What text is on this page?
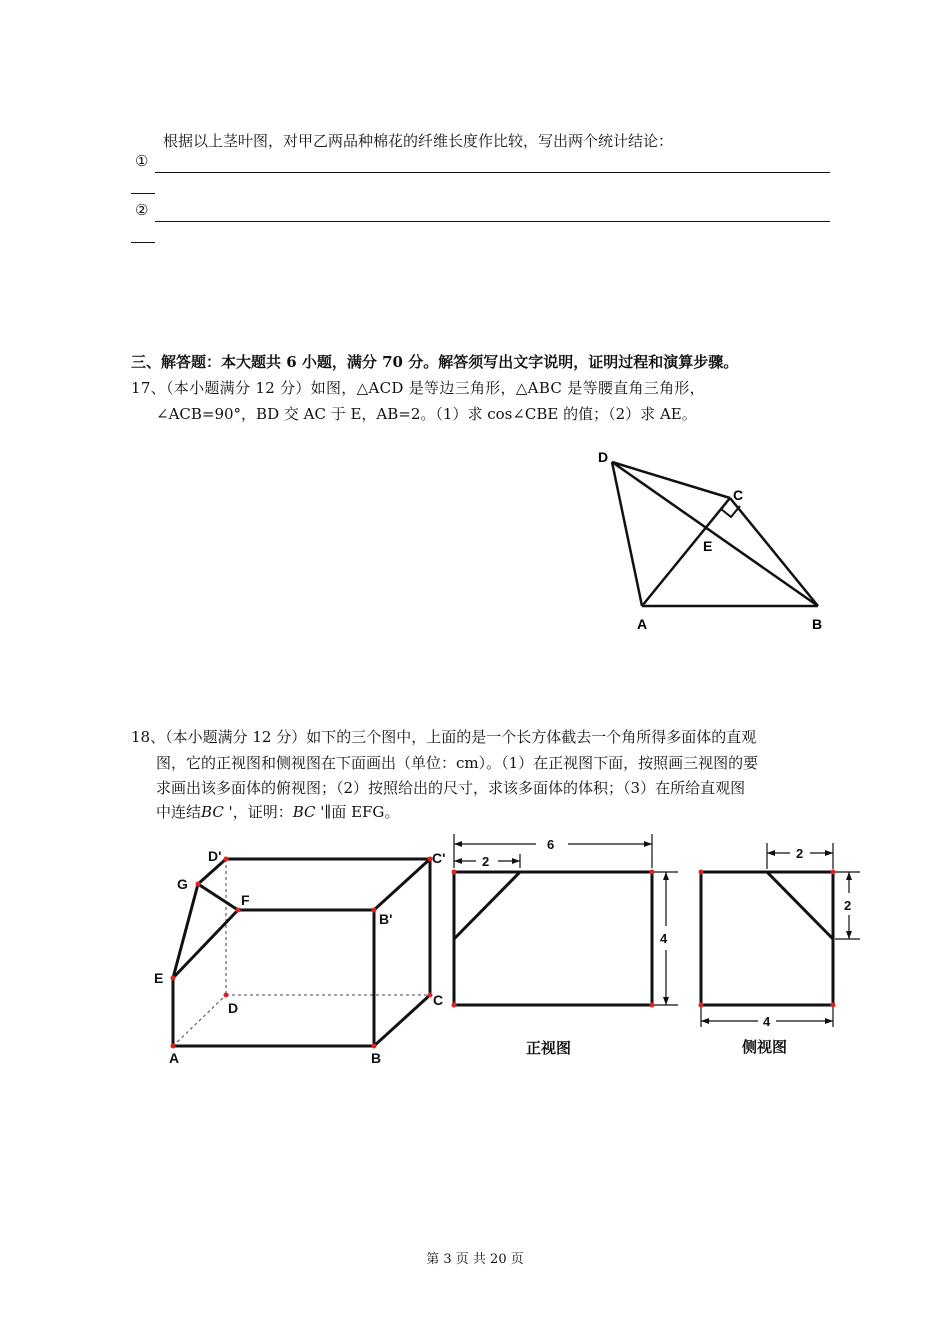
根据以上茎叶图，对甲乙两品种棉花的纤维长度作比较，写出两个统计结论：
①
②
三、解答题：本大题共 6 小题，满分 70 分。解答须写出文字说明，证明过程和演算步骤。
17、（本小题满分 12 分）如图，△ACD 是等边三角形，△ABC 是等腰直角三角形，
∠ACB=90°，BD 交 AC 于 E，AB=2。（1）求 cos∠CBE 的值；（2）求 AE。
D
C
E
A	B
18、（本小题满分 12 分）如下的三个图中，上面的是一个长方体截去一个角所得多面体的直观
图，它的正视图和侧视图在下面画出（单位：cm）。（1）在正视图下面，按照画三视图的要
求画出该多面体的俯视图；（2）按照给出的尺寸，求该多面体的体积；（3）在所给直观图
中连结BC '，证明：BC '∥面 EFG。
D'	C'
G
F
B'
E
D	C
A	B
6
2
4
正视图
2
2
4
侧视图
第 3 页 共 20 页
